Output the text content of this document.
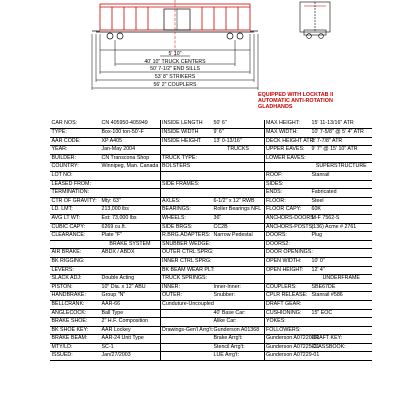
5' 10"
40' 10" TRUCK CENTERS
50' 7-1/2" END SILLS
53' 8" STRIKERS
56' 2" COUPLERS
EQUIPPED WITH LOCKTAB II
AUTOMATIC ANTI-ROTATION
GLADHANDS
CAR NOS:	CN 405950-405949	INSIDE LENGTH	50' 6"	MAX HEIGHT:	15' 11-13/16" ATR
TYPE:	Box-100 ton-50'-F	INSIDE WIDTH	9' 6"	MAX WIDTH:	10' 7-5/8" @ 5' 4" ATR
AAR CODE:	XP A405	INSIDE HEIGHT	13' 0-13/16"	DECK HEIGHT ATR:	3' 7-7/8" ATR
YEAR:	Jan-May 2004		TRUCKS	UPPER EAVES:	9' 7" @ 15' 10" ATR
BUILDER:	CN Transcona Shop	TRUCK TYPE:		LOWER EAVES:	
COUNTRY:	Winnipeg, Man. Canada	BOLSTERS			SUPERSTRUCTURE
LOT NO:				ROOF:	Stanrail
LEASED FROM:		SIDE FRAMES:		SIDES:	
TERMINATION:				ENDS:	Fabricated
CTR OF GRAVITY:	Mty: 63"	AXLES:	6-1/2" x 12" RWB	FLOOR:	Steel
LD. LMT:	213,000 lbs	BEARINGS:	Roller Bearings NFL	FLOOR CAPY:	60K
AVG LT WT:	Est: 73,000 lbs	WHEELS:	36"	ANCHORS-DOORS:	M-F 7562-S
CUBIC CAPY:	6269 cu.ft.	SIDE BRGS:	CC2B	ANCHORS-POSTS:	(136) Acme # 2761
CLEARANCE:	Plate "F"	R.BRG.ADAPTERS:	Narrow Pedestal	DOORS:	Plug
	BRAKE SYSTEM	SNUBBER WEDGE:		DOORS2:	
AIR BRAKE:	ABDX / ABDX	OUTER CTRL SPRG:		DOOR OPENINGS:	
BK RIGGING:		INNER CTRL SPRG:		OPEN WIDTH:	10' 0"
LEVERS:		BK BEAM WEAR PLT:		OPEN HEIGHT:	12' 4"
SLACK ADJ:	Double Acting	TRUCK SPRINGS:			UNDERFRAME
PISTON:	10" Dia. x 12" ABU	INNER:	Inner-Inner:	COUPLERS:	SBE67DE
HANDBRAKE:	Group "N"	OUTER:	Snubber:	CPLR RELEASE:	Stanrail #586
BELLCRANK:	AAR-66	Cunduture-Uncoupled		DRAFT GEAR:	
ANGLECOCK:	Ball Type		40' Base Car:	CUSHIONING:	15" EOC
BRAKE SHOE:	2" H.F. Composition		Alike Car:	YOKES:	
BK SHOE KEY:	AAR Lockey	Drawings-Gen'l Arrg't:	Gunderson A01368	FOLLOWERS:	
BRAKE BEAM:	AAR-24 Unit Type		Brake Arrg't:	Gunderson A07220-01	DRAFT KEY:
MTY/LD:	SC-1		Stencil Arrg't:	Gunderson A07225-01	CLASSBOOK:
ISSUED:	Jan/27/2003		LUE Arrg't:	Gunderson A07229-01	
